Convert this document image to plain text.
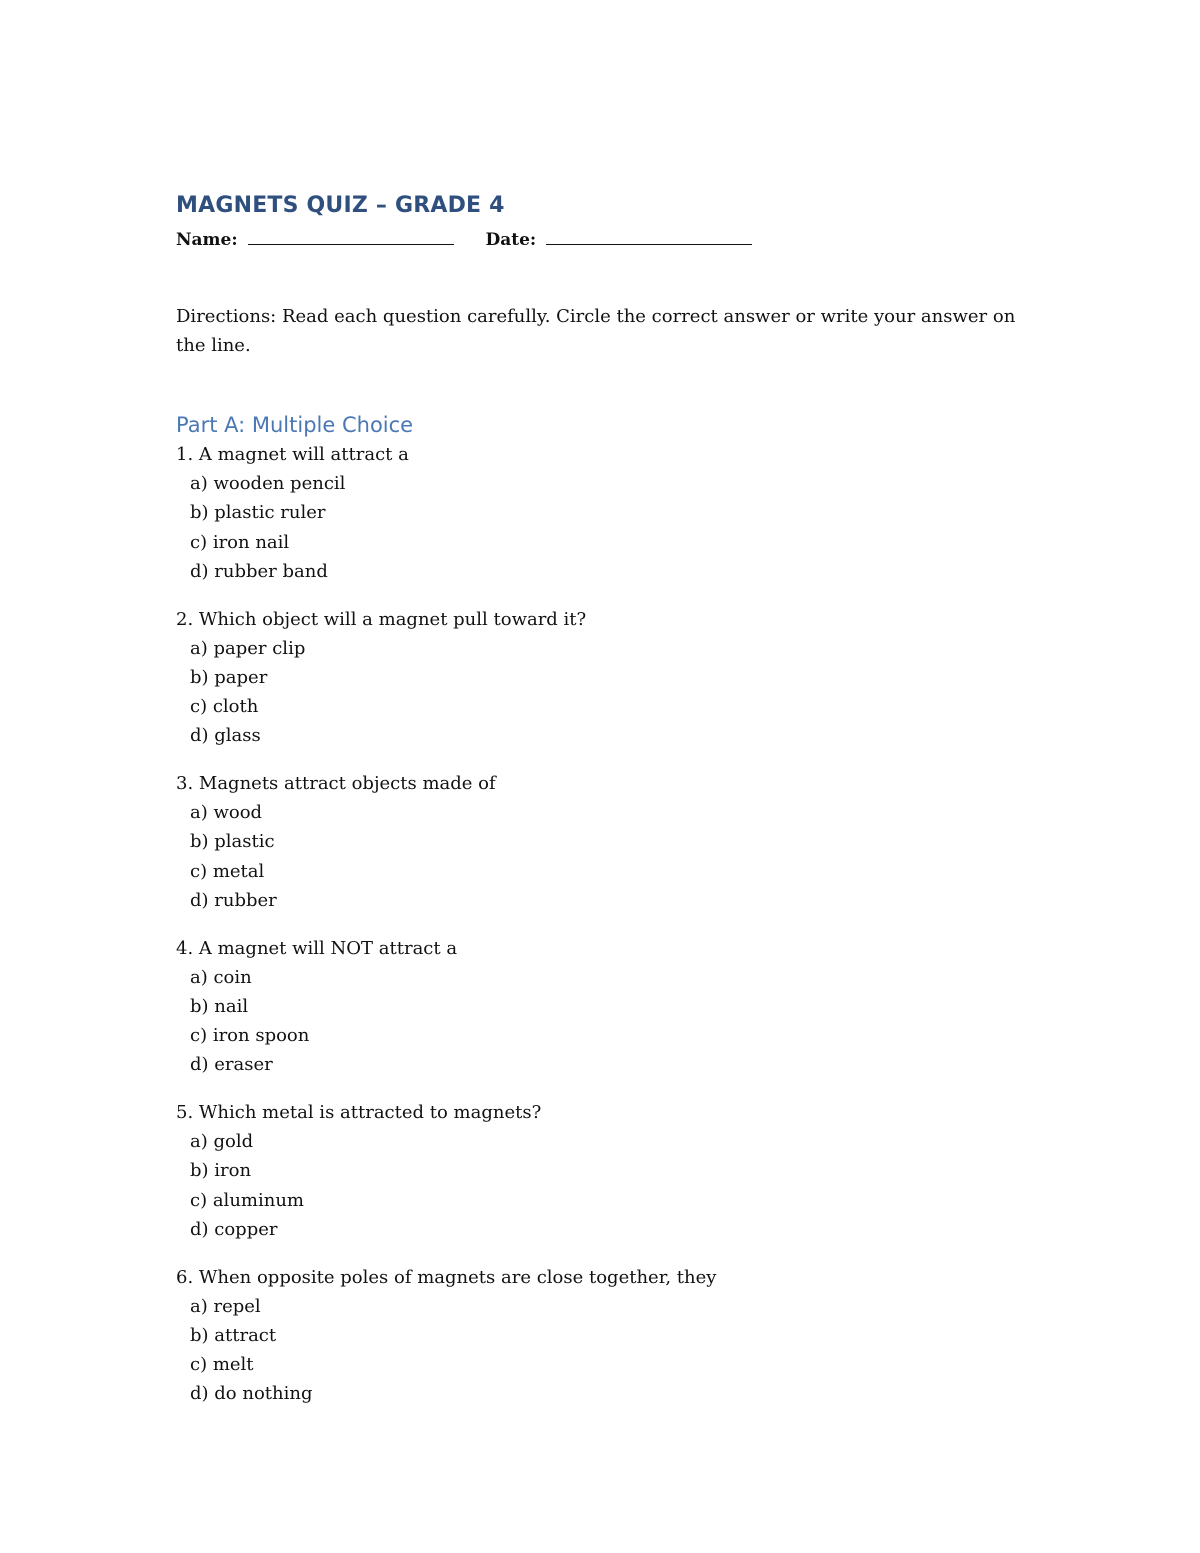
MAGNETS QUIZ – GRADE 4
Name:	Date:
Directions: Read each question carefully. Circle the correct answer or write your answer on the line.
Part A: Multiple Choice
1. A magnet will attract a
a) wooden pencil
b) plastic ruler
c) iron nail
d) rubber band
2. Which object will a magnet pull toward it?
a) paper clip
b) paper
c) cloth
d) glass
3. Magnets attract objects made of
a) wood
b) plastic
c) metal
d) rubber
4. A magnet will NOT attract a
a) coin
b) nail
c) iron spoon
d) eraser
5. Which metal is attracted to magnets?
a) gold
b) iron
c) aluminum
d) copper
6. When opposite poles of magnets are close together, they
a) repel
b) attract
c) melt
d) do nothing
